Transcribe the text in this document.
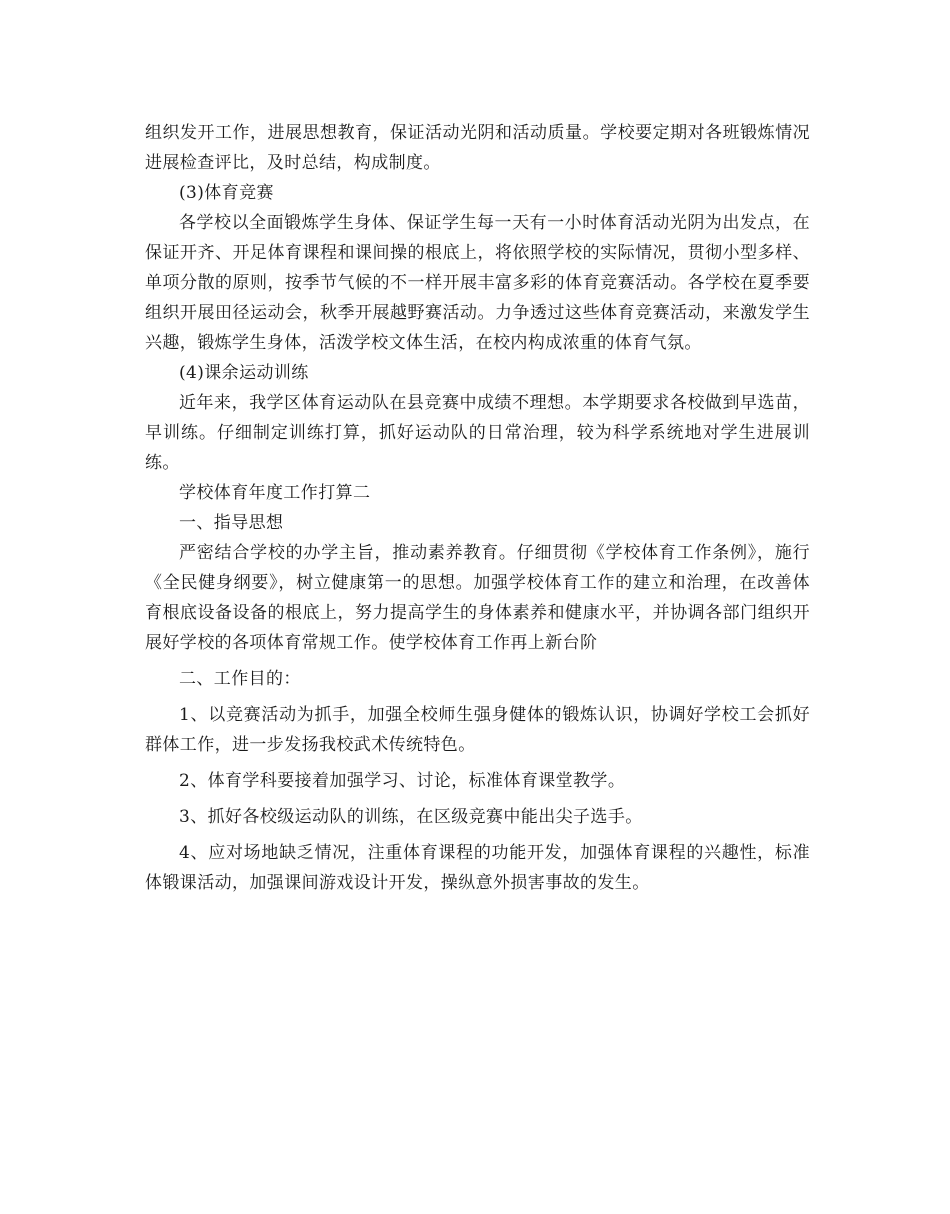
组织发开工作，进展思想教育，保证活动光阴和活动质量。学校要定期对各班锻炼情况进展检查评比，及时总结，构成制度。

(3)体育竞赛

各学校以全面锻炼学生身体、保证学生每一天有一小时体育活动光阴为出发点，在保证开齐、开足体育课程和课间操的根底上，将依照学校的实际情况，贯彻小型多样、单项分散的原则，按季节气候的不一样开展丰富多彩的体育竞赛活动。各学校在夏季要组织开展田径运动会，秋季开展越野赛活动。力争透过这些体育竞赛活动，来激发学生兴趣，锻炼学生身体，活泼学校文体生活，在校内构成浓重的体育气氛。

(4)课余运动训练

近年来，我学区体育运动队在县竞赛中成绩不理想。本学期要求各校做到早选苗，早训练。仔细制定训练打算，抓好运动队的日常治理，较为科学系统地对学生进展训练。

学校体育年度工作打算二

一、指导思想

严密结合学校的办学主旨，推动素养教育。仔细贯彻《学校体育工作条例》，施行《全民健身纲要》，树立健康第一的思想。加强学校体育工作的建立和治理，在改善体育根底设备设备的根底上，努力提高学生的身体素养和健康水平，并协调各部门组织开展好学校的各项体育常规工作。使学校体育工作再上新台阶

二、工作目的：

1、以竞赛活动为抓手，加强全校师生强身健体的锻炼认识，协调好学校工会抓好群体工作，进一步发扬我校武术传统特色。

2、体育学科要接着加强学习、讨论，标准体育课堂教学。

3、抓好各校级运动队的训练，在区级竞赛中能出尖子选手。

4、应对场地缺乏情况，注重体育课程的功能开发，加强体育课程的兴趣性，标准体锻课活动，加强课间游戏设计开发，操纵意外损害事故的发生。
